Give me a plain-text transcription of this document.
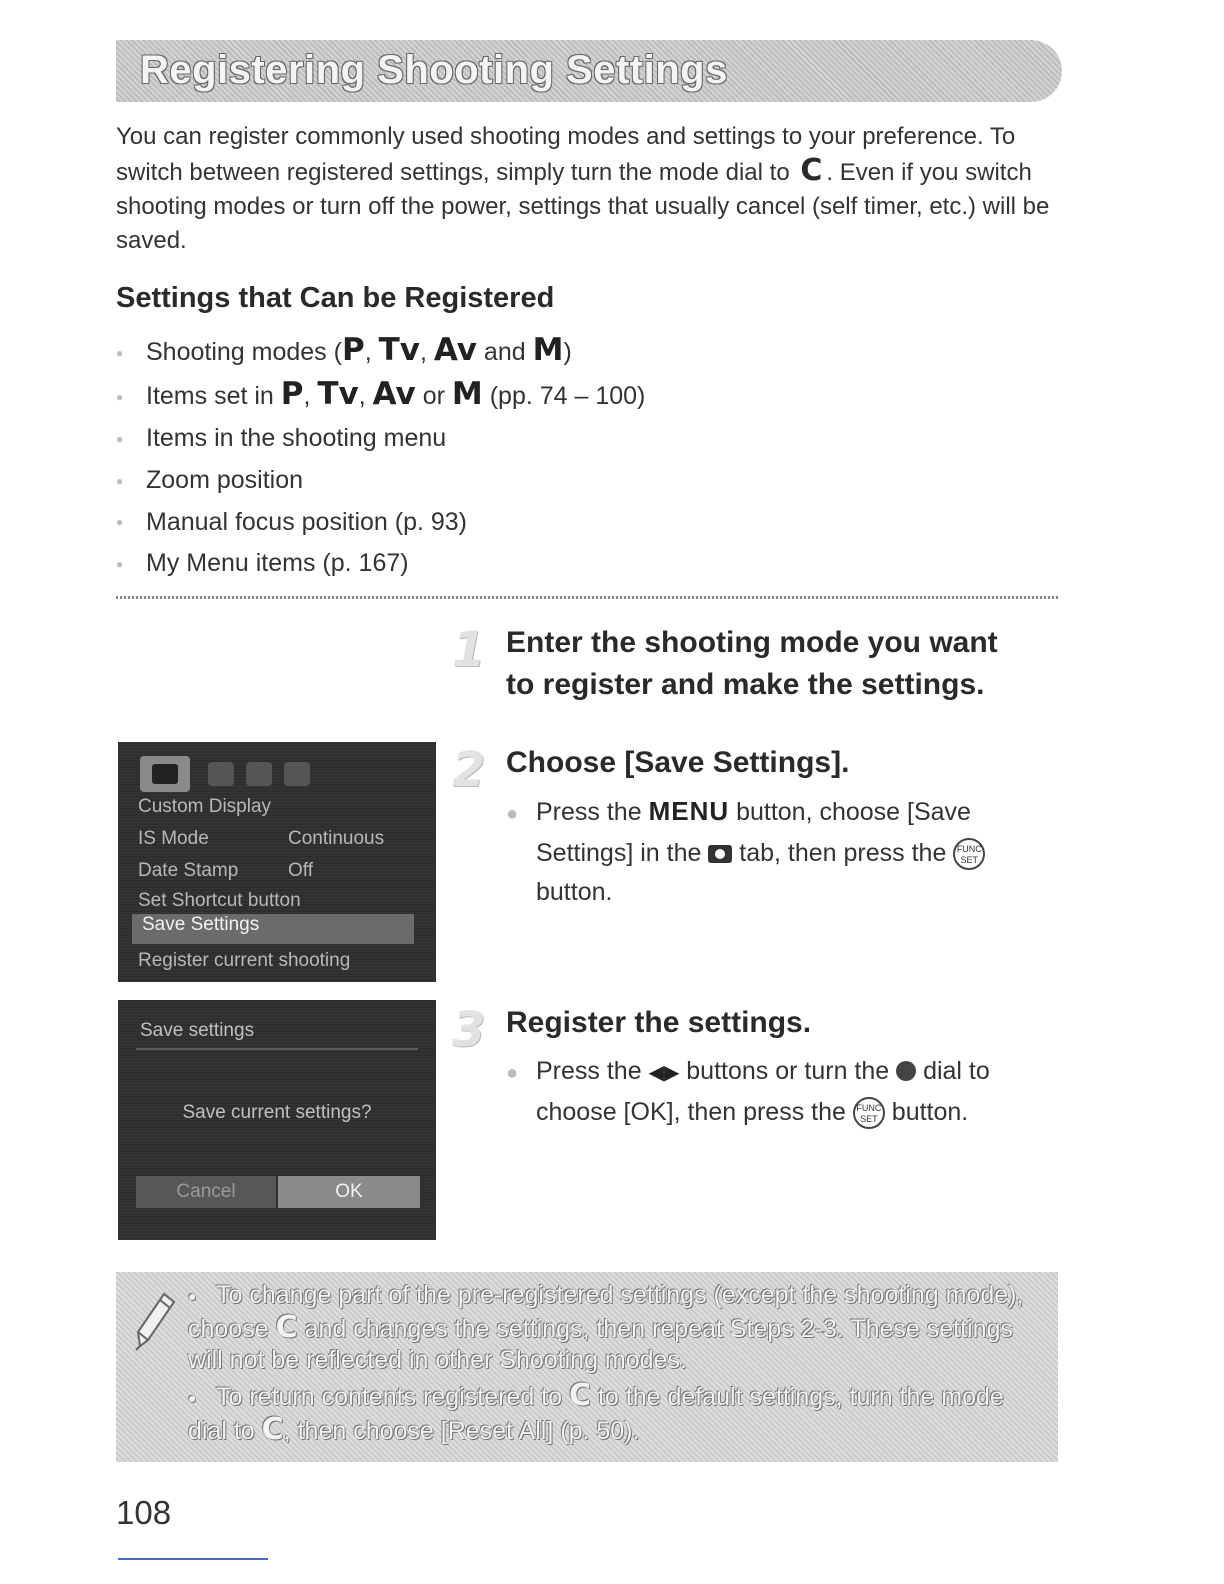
Registering Shooting Settings

You can register commonly used shooting modes and settings to your preference. To switch between registered settings, simply turn the mode dial to C . Even if you switch shooting modes or turn off the power, settings that usually cancel (self timer, etc.) will be saved.

Settings that Can be Registered
● Shooting modes (P, Tv, Av and M)
● Items set in P, Tv, Av or M (pp. 74 – 100)
● Items in the shooting menu
● Zoom position
● Manual focus position (p. 93)
● My Menu items (p. 167)
1 Enter the shooting mode you want
to register and make the settings.
Custom Display
IS Mode	Continuous
Date Stamp	Off
Set Shortcut button
Save Settings
Register current shooting
2 Choose [Save Settings].
● Press the MENU button, choose [Save
Settings] in the  tab, then press the FUNC
SET
button.
Save settings
Save current settings?
Cancel	OK
3 Register the settings.
● Press the ◀▶ buttons or turn the  dial to
choose [OK], then press the FUNC
SET button.
● To change part of the pre-registered settings (except the shooting mode), choose C and changes the settings, then repeat Steps 2-3. These settings will not be reflected in other Shooting modes.
● To return contents registered to C to the default settings, turn the mode dial to C, then choose [Reset All] (p. 50).
108
